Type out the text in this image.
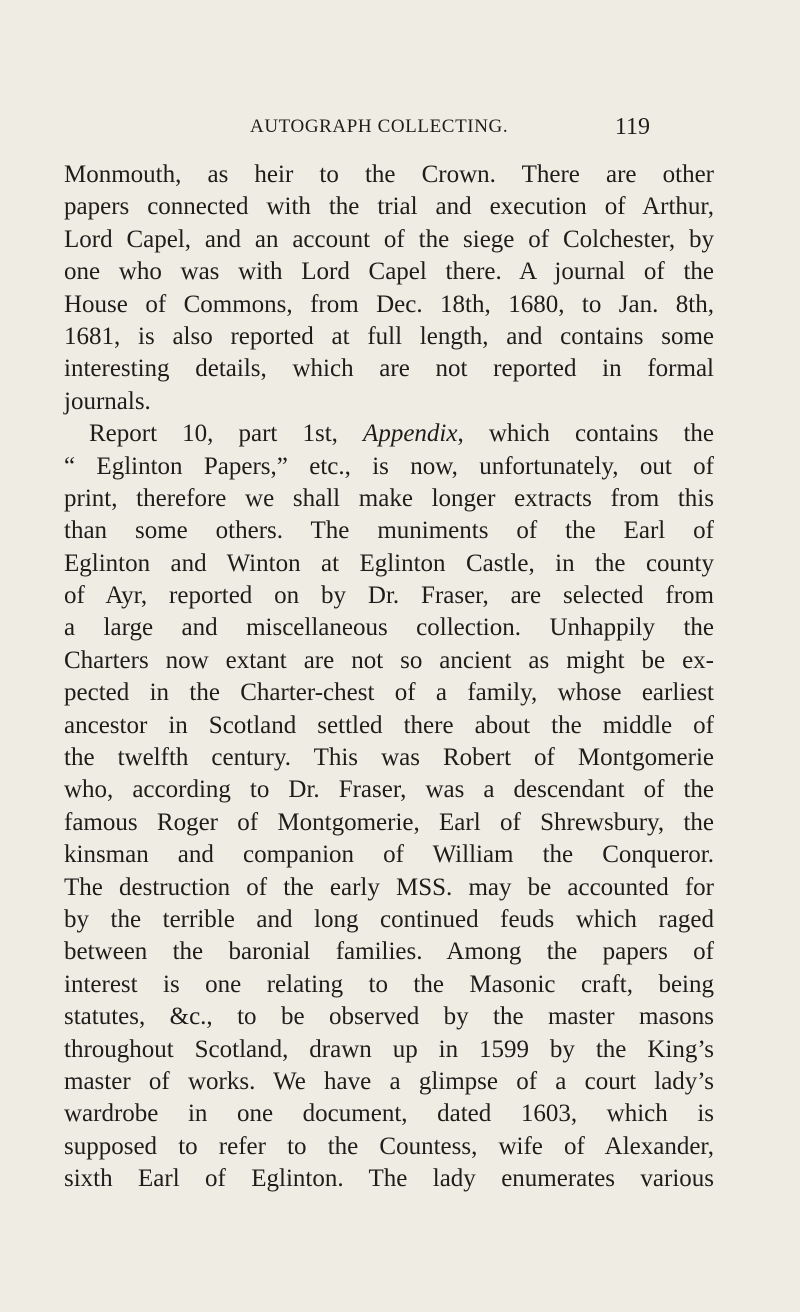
AUTOGRAPH COLLECTING.	119
Monmouth, as heir to the Crown. There are other
papers connected with the trial and execution of Arthur,
Lord Capel, and an account of the siege of Colchester, by
one who was with Lord Capel there. A journal of the
House of Commons, from Dec. 18th, 1680, to Jan. 8th,
1681, is also reported at full length, and contains some
interesting details, which are not reported in formal
journals.
Report 10, part 1st, Appendix, which contains the
“ Eglinton Papers,” etc., is now, unfortunately, out of
print, therefore we shall make longer extracts from this
than some others. The muniments of the Earl of
Eglinton and Winton at Eglinton Castle, in the county
of Ayr, reported on by Dr. Fraser, are selected from
a large and miscellaneous collection. Unhappily the
Charters now extant are not so ancient as might be ex-
pected in the Charter-chest of a family, whose earliest
ancestor in Scotland settled there about the middle of
the twelfth century. This was Robert of Montgomerie
who, according to Dr. Fraser, was a descendant of the
famous Roger of Montgomerie, Earl of Shrewsbury, the
kinsman and companion of William the Conqueror.
The destruction of the early MSS. may be accounted for
by the terrible and long continued feuds which raged
between the baronial families. Among the papers of
interest is one relating to the Masonic craft, being
statutes, &c., to be observed by the master masons
throughout Scotland, drawn up in 1599 by the King’s
master of works. We have a glimpse of a court lady’s
wardrobe in one document, dated 1603, which is
supposed to refer to the Countess, wife of Alexander,
sixth Earl of Eglinton. The lady enumerates various
